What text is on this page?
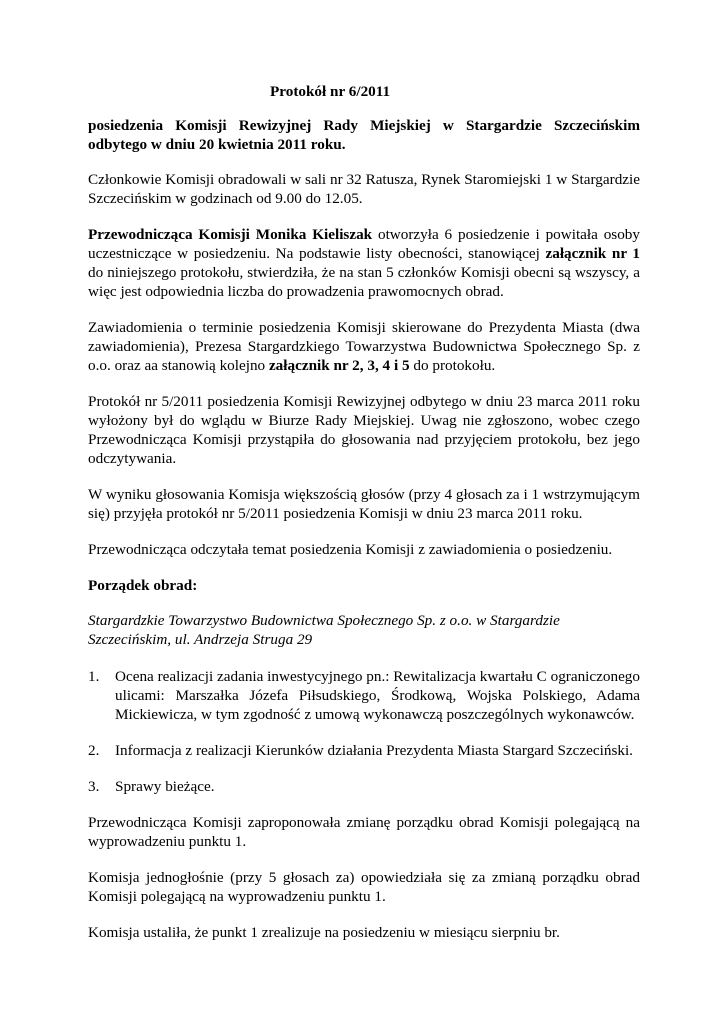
Protokół nr 6/2011

posiedzenia Komisji Rewizyjnej Rady Miejskiej w Stargardzie Szczecińskim odbytego w dniu 20 kwietnia 2011 roku.

Członkowie Komisji obradowali w sali nr 32 Ratusza, Rynek Staromiejski 1 w Stargardzie Szczecińskim w godzinach od 9.00 do 12.05.

Przewodnicząca Komisji Monika Kieliszak otworzyła 6 posiedzenie i powitała osoby uczestniczące w posiedzeniu. Na podstawie listy obecności, stanowiącej załącznik nr 1 do niniejszego protokołu, stwierdziła, że na stan 5 członków Komisji obecni są wszyscy, a więc jest odpowiednia liczba do prowadzenia prawomocnych obrad.

Zawiadomienia o terminie posiedzenia Komisji skierowane do Prezydenta Miasta (dwa zawiadomienia), Prezesa Stargardzkiego Towarzystwa Budownictwa Społecznego Sp. z o.o. oraz aa stanowią kolejno załącznik nr 2, 3, 4 i 5 do protokołu.

Protokół nr 5/2011 posiedzenia Komisji Rewizyjnej odbytego w dniu 23 marca 2011 roku wyłożony był do wglądu w Biurze Rady Miejskiej. Uwag nie zgłoszono, wobec czego Przewodnicząca Komisji przystąpiła do głosowania nad przyjęciem protokołu, bez jego odczytywania.

W wyniku głosowania Komisja większością głosów (przy 4 głosach za i 1 wstrzymującym się) przyjęła protokół nr 5/2011 posiedzenia Komisji w dniu 23 marca 2011 roku.

Przewodnicząca odczytała temat posiedzenia Komisji z zawiadomienia o posiedzeniu.

Porządek obrad:

Stargardzkie Towarzystwo Budownictwa Społecznego Sp. z o.o. w Stargardzie Szczecińskim, ul. Andrzeja Struga 29

1. Ocena realizacji zadania inwestycyjnego pn.: Rewitalizacja kwartału C ograniczonego ulicami: Marszałka Józefa Piłsudskiego, Środkową, Wojska Polskiego, Adama Mickiewicza, w tym zgodność z umową wykonawczą poszczególnych wykonawców.
2. Informacja z realizacji Kierunków działania Prezydenta Miasta Stargard Szczeciński.
3. Sprawy bieżące.

Przewodnicząca Komisji zaproponowała zmianę porządku obrad Komisji polegającą na wyprowadzeniu punktu 1.

Komisja jednogłośnie (przy 5 głosach za) opowiedziała się za zmianą porządku obrad Komisji polegającą na wyprowadzeniu punktu 1.

Komisja ustaliła, że punkt 1 zrealizuje na posiedzeniu w miesiącu sierpniu br.
